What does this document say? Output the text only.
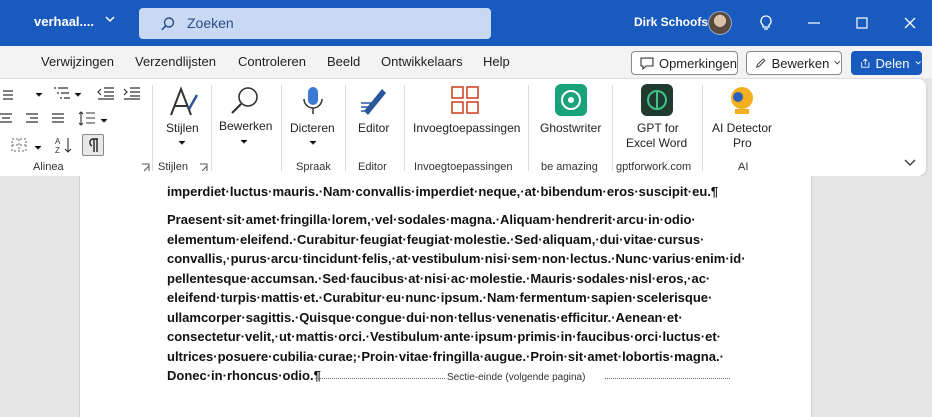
verhaal....	Zoeken	Dirk Schoofs
Verwijzingen Verzendlijsten Controleren Beeld Ontwikkelaars Help	Opmerkingen	Bewerken	Delen
A
Z
Alinea
Stijlen
Stijlen
Bewerken Dicteren
Spraak
Editor
Editor
Invoegtoepassingen
Invoegtoepassingen
Ghostwriter
be amazing
GPT for
Excel Word
gptforwork.com
AI Detector
Pro
AI
imperdiet·luctus·mauris.·Nam·convallis·imperdiet·neque,·at·bibendum·eros·suscipit·eu.¶
Praesent·sit·amet·fringilla·lorem,·vel·sodales·magna.·Aliquam·hendrerit·arcu·in·odio· elementum·eleifend.·Curabitur·feugiat·feugiat·molestie.·Sed·aliquam,·dui·vitae·cursus· convallis,·purus·arcu·tincidunt·felis,·at·vestibulum·nisi·sem·non·lectus.·Nunc·varius·enim·id· pellentesque·accumsan.·Sed·faucibus·at·nisi·ac·molestie.·Mauris·sodales·nisl·eros,·ac· eleifend·turpis·mattis·et.·Curabitur·eu·nunc·ipsum.·Nam·fermentum·sapien·scelerisque· ullamcorper·sagittis.·Quisque·congue·dui·non·tellus·venenatis·efficitur.·Aenean·et· consectetur·velit,·ut·mattis·orci.·Vestibulum·ante·ipsum·primis·in·faucibus·orci·luctus·et· ultrices·posuere·cubilia·curae;·Proin·vitae·fringilla·augue.·Proin·sit·amet·lobortis·magna.· Donec·in·rhoncus·odio.¶	Sectie-einde (volgende pagina)
